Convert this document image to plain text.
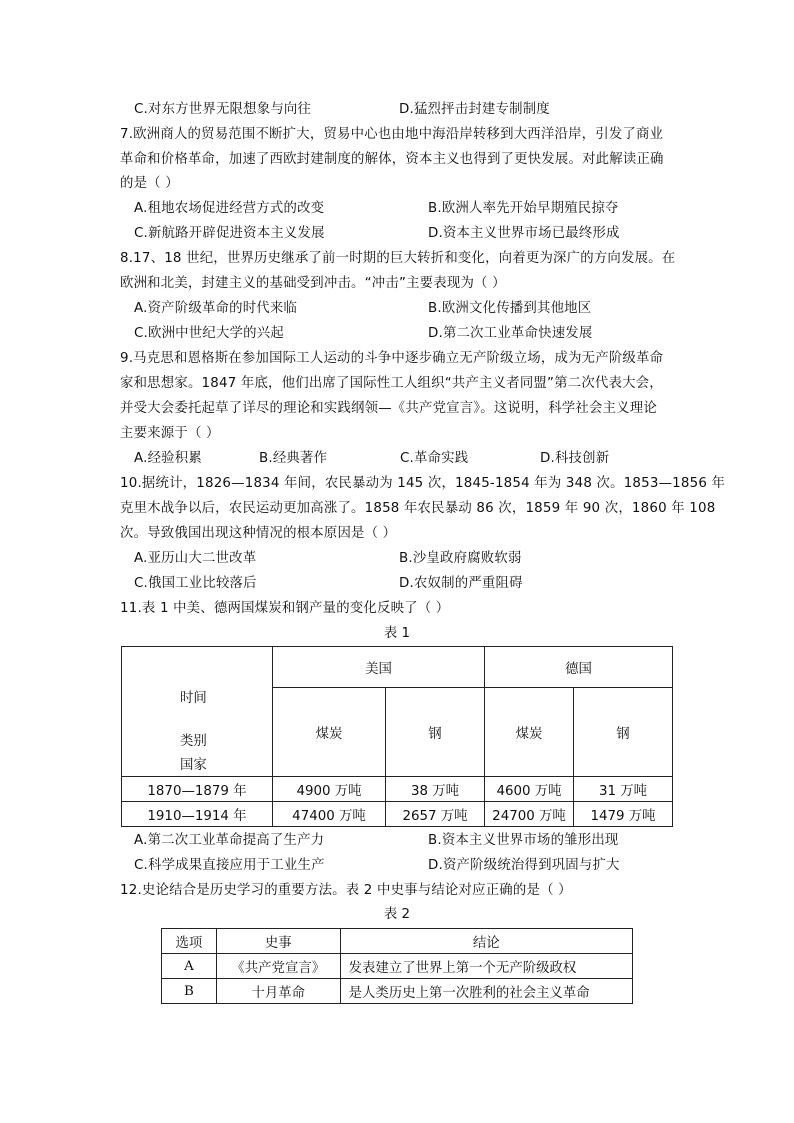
C.对东方世界无限想象与向往	D.猛烈抨击封建专制制度
7.欧洲商人的贸易范围不断扩大，贸易中心也由地中海沿岸转移到大西洋沿岸，引发了商业
革命和价格革命，加速了西欧封建制度的解体，资本主义也得到了更快发展。对此解读正确
的是（ ）
A.租地农场促进经营方式的改变	B.欧洲人率先开始早期殖民掠夺
C.新航路开辟促进资本主义发展	D.资本主义世界市场已最终形成
8.17、18 世纪，世界历史继承了前一时期的巨大转折和变化，向着更为深广的方向发展。在
欧洲和北美，封建主义的基础受到冲击。“冲击”主要表现为（ ）
A.资产阶级革命的时代来临	B.欧洲文化传播到其他地区
C.欧洲中世纪大学的兴起	D.第二次工业革命快速发展
9.马克思和恩格斯在参加国际工人运动的斗争中逐步确立无产阶级立场，成为无产阶级革命
家和思想家。1847 年底，他们出席了国际性工人组织“共产主义者同盟”第二次代表大会，
并受大会委托起草了详尽的理论和实践纲领—《共产党宣言》。这说明，科学社会主义理论
主要来源于（ ）
A.经验积累	B.经典著作	C.革命实践	D.科技创新
10.据统计，1826—1834 年间，农民暴动为 145 次，1845-1854 年为 348 次。1853—1856 年
克里木战争以后，农民运动更加高涨了。1858 年农民暴动 86 次，1859 年 90 次，1860 年 108
次。导致俄国出现这种情况的根本原因是（ ）
A.亚历山大二世改革	B.沙皇政府腐败软弱
C.俄国工业比较落后	D.农奴制的严重阻碍
11.表 1 中美、德两国煤炭和钢产量的变化反映了（ ）
表 1
时间
类别
国家	美国		德国	
	煤炭	钢	煤炭	钢
1870—1879 年	4900 万吨	38 万吨	4600 万吨	31 万吨
1910—1914 年	47400 万吨	2657 万吨	24700 万吨	1479 万吨
A.第二次工业革命提高了生产力	B.资本主义世界市场的雏形出现
C.科学成果直接应用于工业生产	D.资产阶级统治得到巩固与扩大
12.史论结合是历史学习的重要方法。表 2 中史事与结论对应正确的是（ ）
表 2
选项	史事	结论
A	《共产党宣言》	发表建立了世界上第一个无产阶级政权
B	十月革命	是人类历史上第一次胜利的社会主义革命
